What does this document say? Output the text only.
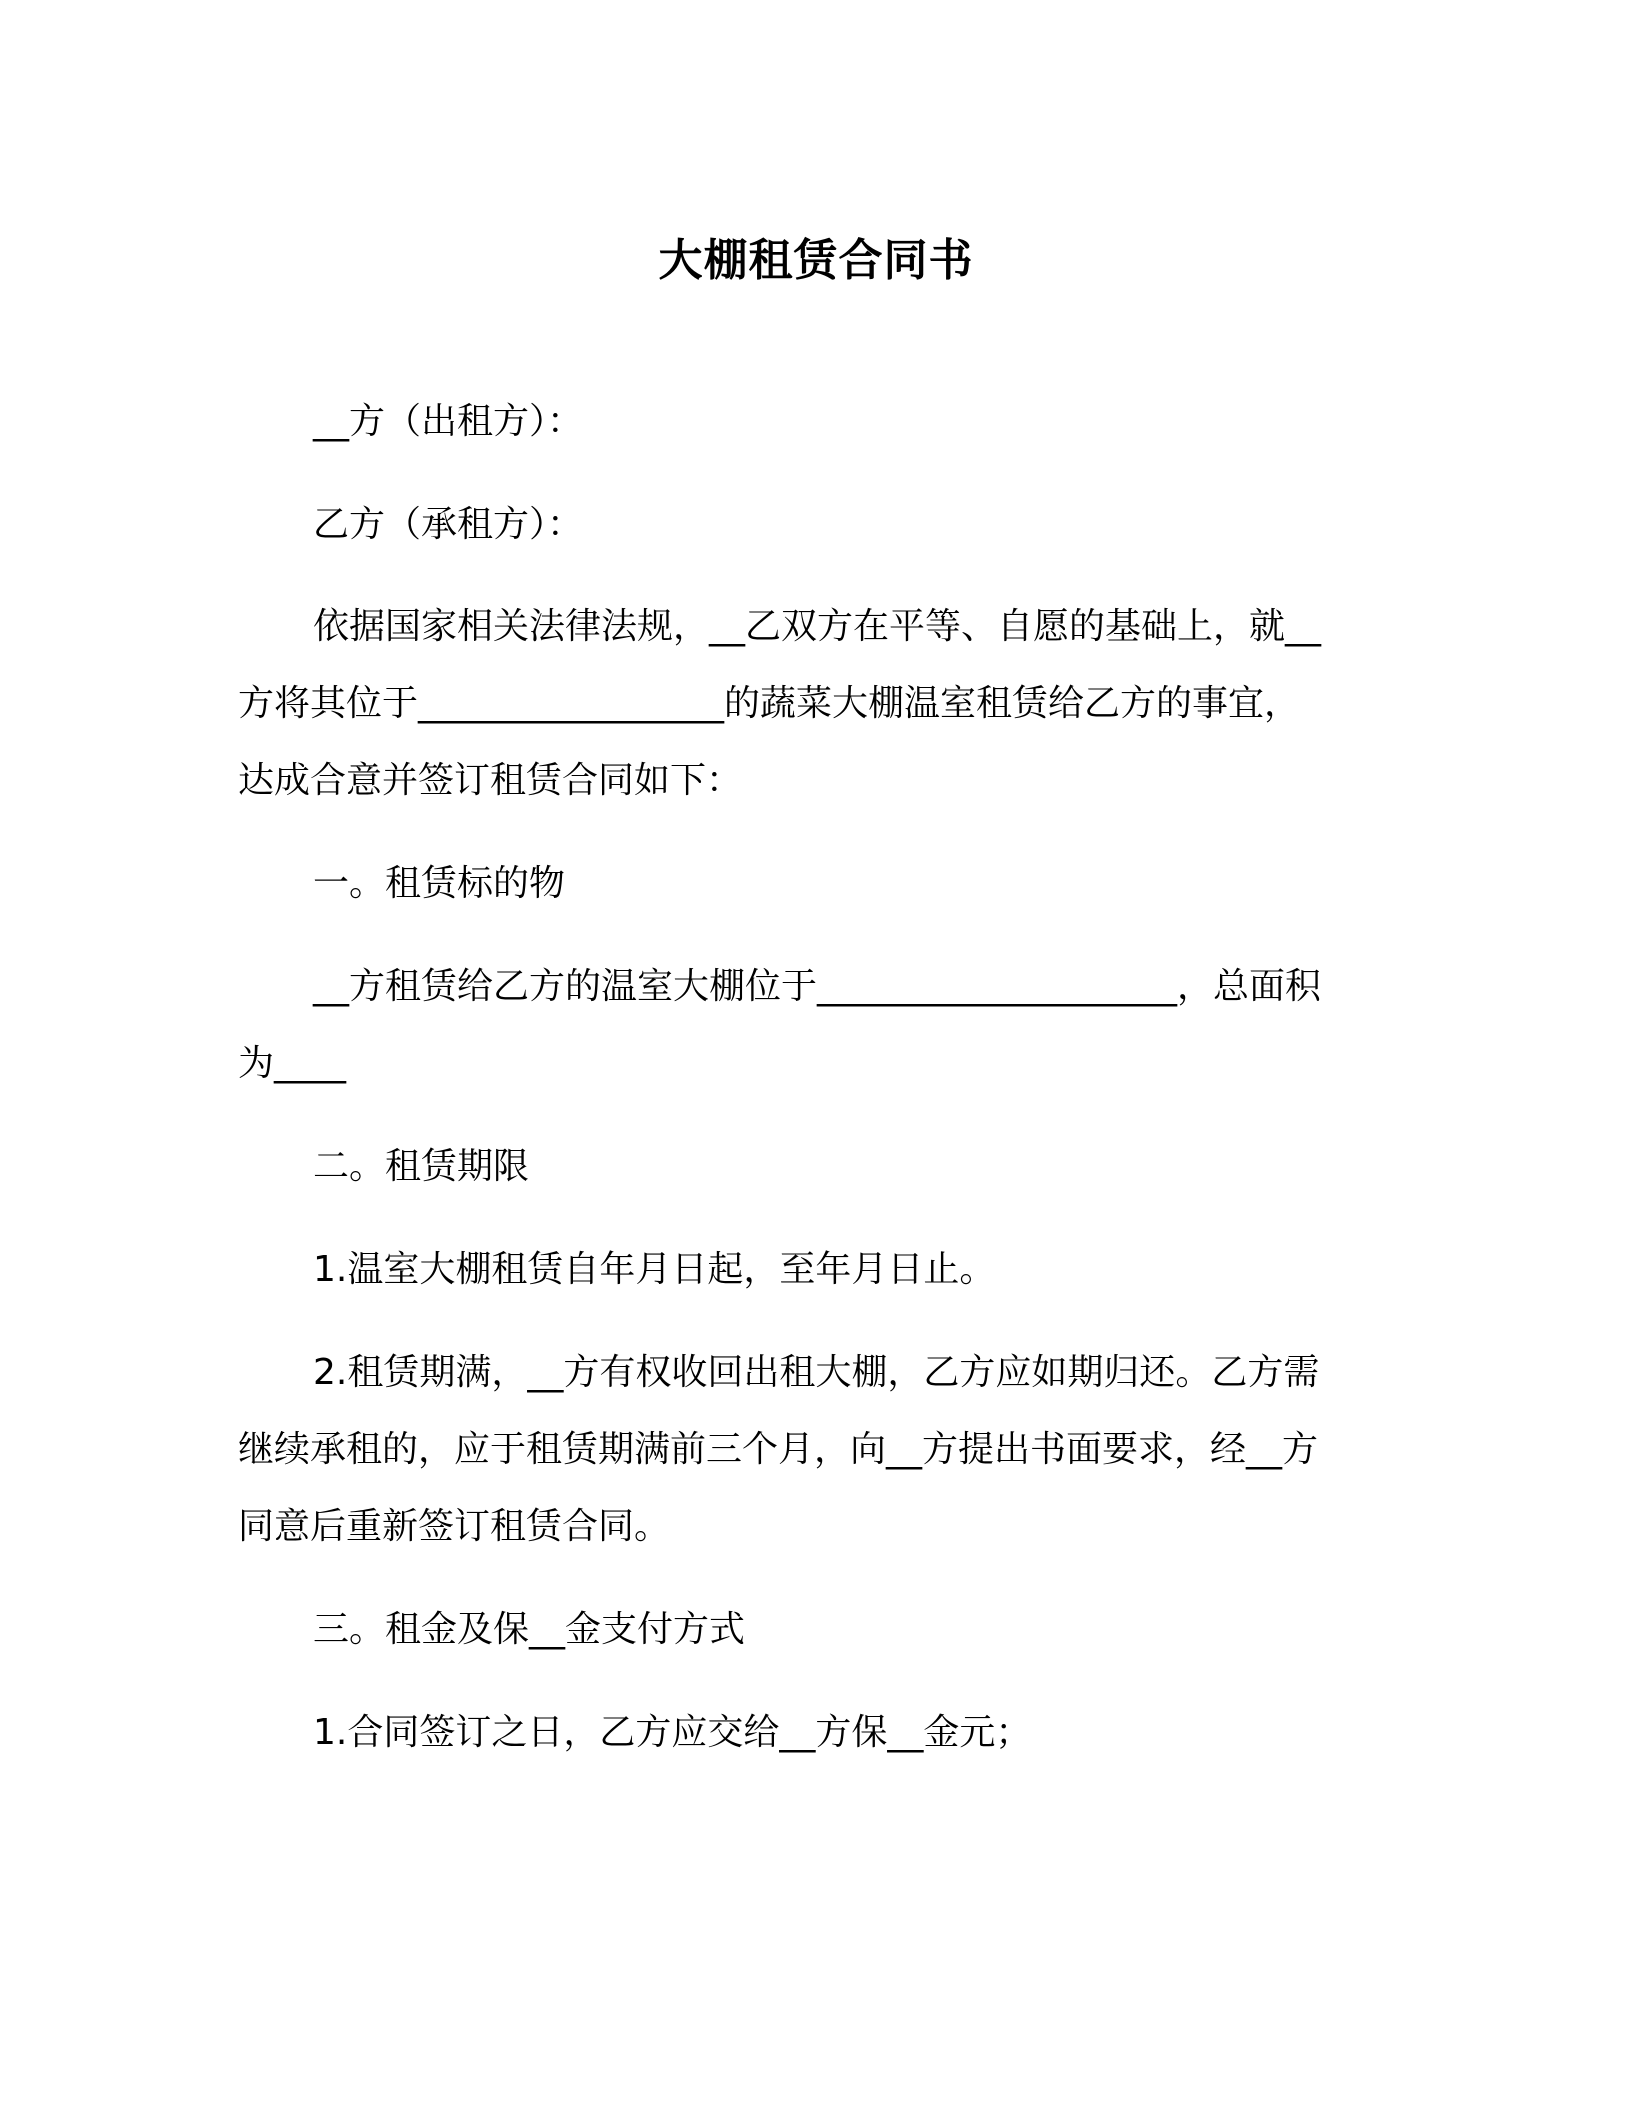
大棚租赁合同书
__方（出租方）：
乙方（承租方）：
依据国家相关法律法规，__乙双方在平等、自愿的基础上，就__
方将其位于_________________的蔬菜大棚温室租赁给乙方的事宜，
达成合意并签订租赁合同如下：
一。租赁标的物
__方租赁给乙方的温室大棚位于____________________，总面积
为____
二。租赁期限
1.温室大棚租赁自年月日起，至年月日止。
2.租赁期满，__方有权收回出租大棚，乙方应如期归还。乙方需
继续承租的，应于租赁期满前三个月，向__方提出书面要求，经__方
同意后重新签订租赁合同。
三。租金及保__金支付方式
1.合同签订之日，乙方应交给__方保__金元；
